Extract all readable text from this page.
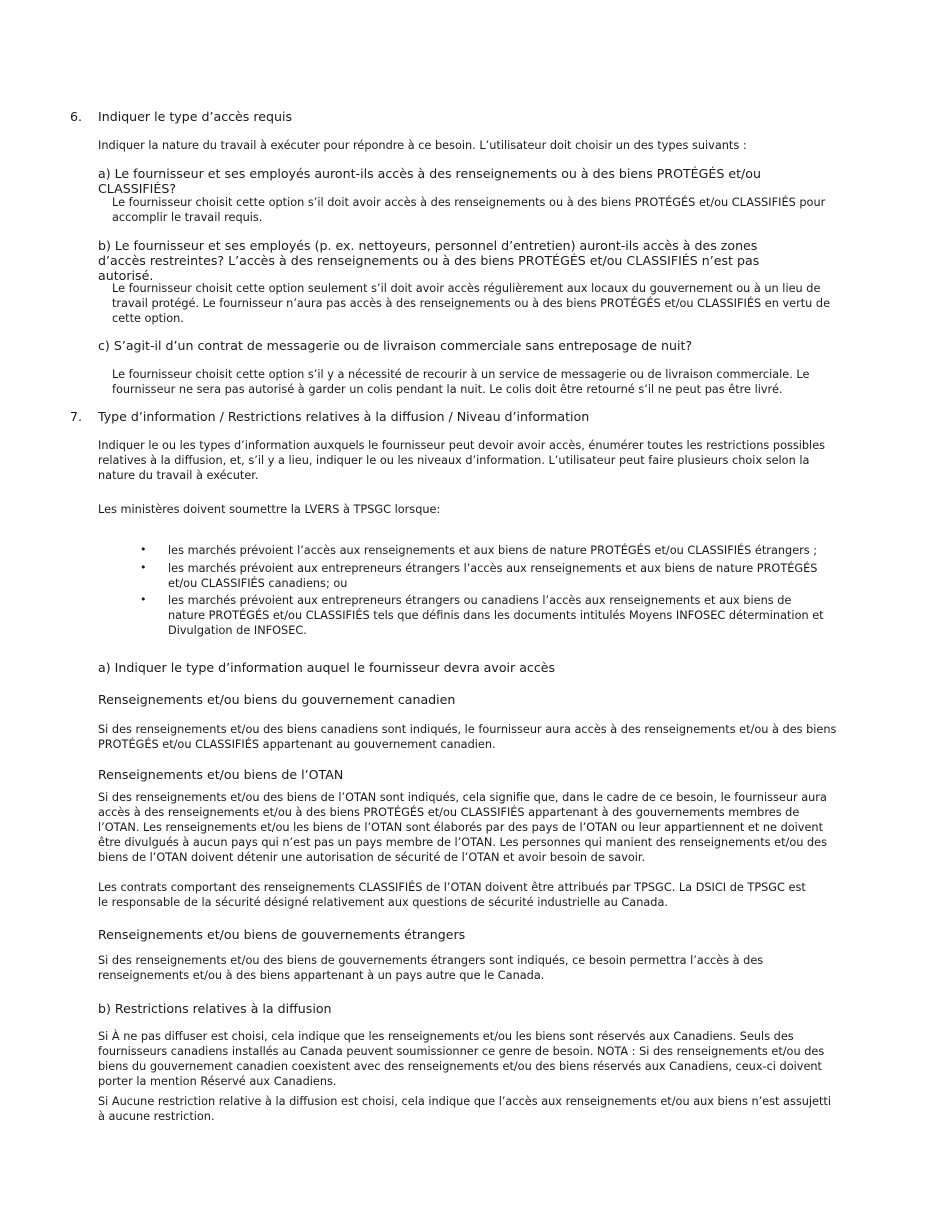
6. Indiquer le type d’accès requis

Indiquer la nature du travail à exécuter pour répondre à ce besoin. L’utilisateur doit choisir un des types suivants :

a) Le fournisseur et ses employés auront-ils accès à des renseignements ou à des biens PROTÉGÉS et/ou CLASSIFIÉS?

Le fournisseur choisit cette option s’il doit avoir accès à des renseignements ou à des biens PROTÉGÉS et/ou CLASSIFIÉS pour accomplir le travail requis.

b) Le fournisseur et ses employés (p. ex. nettoyeurs, personnel d’entretien) auront-ils accès à des zones d’accès restreintes? L’accès à des renseignements ou à des biens PROTÉGÉS et/ou CLASSIFIÉS n’est pas autorisé.

Le fournisseur choisit cette option seulement s’il doit avoir accès régulièrement aux locaux du gouvernement ou à un lieu de travail protégé. Le fournisseur n’aura pas accès à des renseignements ou à des biens PROTÉGÉS et/ou CLASSIFIÉS en vertu de cette option.

c) S’agit-il d’un contrat de messagerie ou de livraison commerciale sans entreposage de nuit?

Le fournisseur choisit cette option s’il y a nécessité de recourir à un service de messagerie ou de livraison commerciale. Le fournisseur ne sera pas autorisé à garder un colis pendant la nuit. Le colis doit être retourné s’il ne peut pas être livré.

7. Type d’information / Restrictions relatives à la diffusion / Niveau d’information

Indiquer le ou les types d’information auxquels le fournisseur peut devoir avoir accès, énumérer toutes les restrictions possibles relatives à la diffusion, et, s’il y a lieu, indiquer le ou les niveaux d’information. L’utilisateur peut faire plusieurs choix selon la nature du travail à exécuter.

Les ministères doivent soumettre la LVERS à TPSGC lorsque:

• les marchés prévoient l’accès aux renseignements et aux biens de nature PROTÉGÉS et/ou CLASSIFIÉS étrangers ;

• les marchés prévoient aux entrepreneurs étrangers l’accès aux renseignements et aux biens de nature PROTÉGÉS et/ou CLASSIFIÉS canadiens; ou

• les marchés prévoient aux entrepreneurs étrangers ou canadiens l’accès aux renseignements et aux biens de nature PROTÉGÉS et/ou CLASSIFIÉS tels que définis dans les documents intitulés Moyens INFOSEC détermination et Divulgation de INFOSEC.

a) Indiquer le type d’information auquel le fournisseur devra avoir accès
Renseignements et/ou biens du gouvernement canadien

Si des renseignements et/ou des biens canadiens sont indiqués, le fournisseur aura accès à des renseignements et/ou à des biens PROTÉGÉS et/ou CLASSIFIÉS appartenant au gouvernement canadien.

Renseignements et/ou biens de l’OTAN

Si des renseignements et/ou des biens de l’OTAN sont indiqués, cela signifie que, dans le cadre de ce besoin, le fournisseur aura accès à des renseignements et/ou à des biens PROTÉGÉS et/ou CLASSIFIÉS appartenant à des gouvernements membres de l’OTAN. Les renseignements et/ou les biens de l’OTAN sont élaborés par des pays de l’OTAN ou leur appartiennent et ne doivent être divulgués à aucun pays qui n’est pas un pays membre de l’OTAN. Les personnes qui manient des renseignements et/ou des biens de l’OTAN doivent détenir une autorisation de sécurité de l’OTAN et avoir besoin de savoir.

Les contrats comportant des renseignements CLASSIFIÉS de l’OTAN doivent être attribués par TPSGC. La DSICI de TPSGC est le responsable de la sécurité désigné relativement aux questions de sécurité industrielle au Canada.

Renseignements et/ou biens de gouvernements étrangers

Si des renseignements et/ou des biens de gouvernements étrangers sont indiqués, ce besoin permettra l’accès à des renseignements et/ou à des biens appartenant à un pays autre que le Canada.

b) Restrictions relatives à la diffusion

Si À ne pas diffuser est choisi, cela indique que les renseignements et/ou les biens sont réservés aux Canadiens. Seuls des fournisseurs canadiens installés au Canada peuvent soumissionner ce genre de besoin. NOTA : Si des renseignements et/ou des biens du gouvernement canadien coexistent avec des renseignements et/ou des biens réservés aux Canadiens, ceux-ci doivent porter la mention Réservé aux Canadiens.

Si Aucune restriction relative à la diffusion est choisi, cela indique que l’accès aux renseignements et/ou aux biens n’est assujetti à aucune restriction.
